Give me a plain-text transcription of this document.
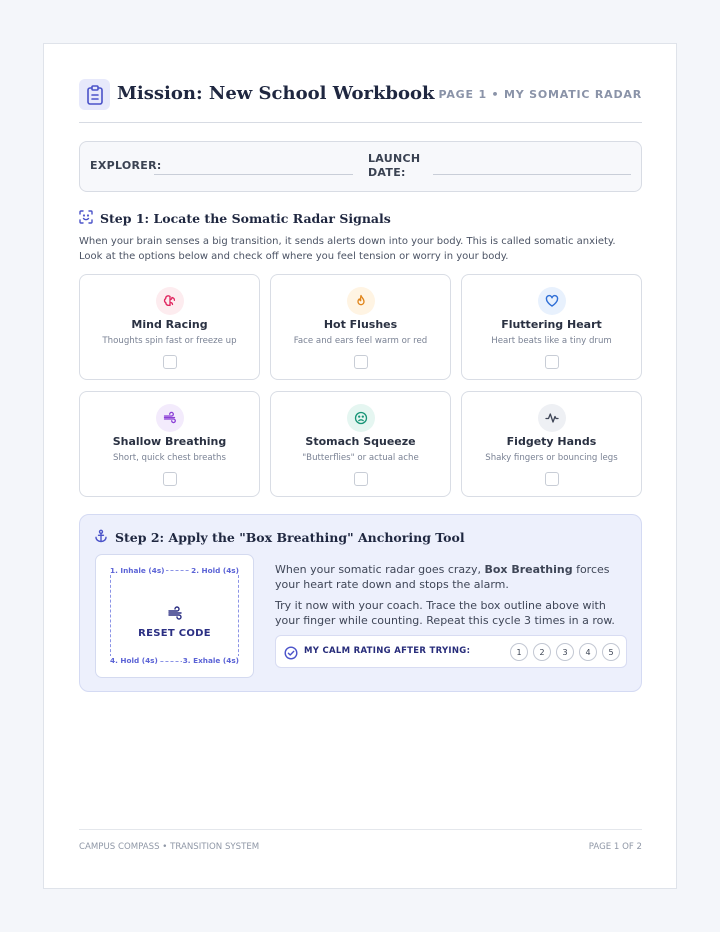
Mission: New School Workbook PAGE 1 • MY SOMATIC RADAR
EXPLORER:
LAUNCH
DATE:
Step 1: Locate the Somatic Radar Signals
When your brain senses a big transition, it sends alerts down into your body. This is called somatic anxiety. Look at the options below and check off where you feel tension or worry in your body.
Mind Racing
Thoughts spin fast or freeze up
Hot Flushes
Face and ears feel warm or red
Fluttering Heart
Heart beats like a tiny drum
Shallow Breathing
Short, quick chest breaths
Stomach Squeeze
"Butterflies" or actual ache
Fidgety Hands
Shaky fingers or bouncing legs
Step 2: Apply the "Box Breathing" Anchoring Tool
1. Inhale (4s)	2. Hold (4s)
4. Hold (4s)	3. Exhale (4s)
RESET CODE
When your somatic radar goes crazy, Box Breathing forces your heart rate down and stops the alarm.
Try it now with your coach. Trace the box outline above with your finger while counting. Repeat this cycle 3 times in a row.
MY CALM RATING AFTER TRYING:	1	2	3	4	5
CAMPUS COMPASS • TRANSITION SYSTEM	PAGE 1 OF 2
